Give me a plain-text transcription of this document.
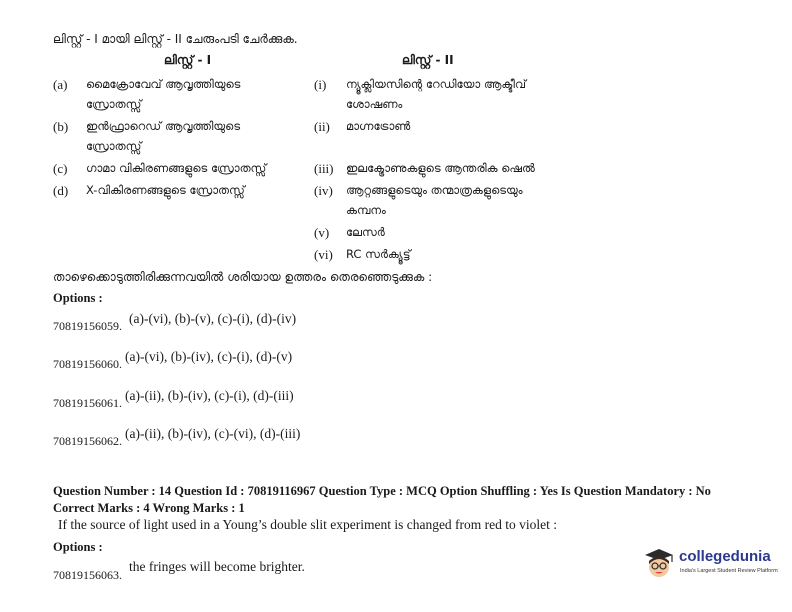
ലിസ്റ്റ് - I മായി ലിസ്റ്റ് - II ചേരുംപടി ചേർക്കുക.
ലിസ്റ്റ് - I	ലിസ്റ്റ് - II
(a) മൈക്രോവേവ് ആവൃത്തിയുടെ
സ്രോതസ്സ്
(b) ഇൻഫ്രാറെഡ് ആവൃത്തിയുടെ
സ്രോതസ്സ്
(c) ഗാമാ വികിരണങ്ങളുടെ സ്രോതസ്സ്
(d) X-വികിരണങ്ങളുടെ സ്രോതസ്സ്
(i) ന്യൂക്ലിയസിന്റെ റേഡിയോ ആക്ടീവ്
ശോഷണം
(ii) മാഗ്നട്രോൺ
(iii) ഇലക്ട്രോണുകളുടെ ആന്തരിക ഷെൽ
(iv) ആറ്റങ്ങളുടെയും തന്മാത്രകളുടെയും
കമ്പനം
(v) ലേസർ
(vi) RC സർക്യൂട്ട്
താഴെക്കൊടുത്തിരിക്കുന്നവയിൽ ശരിയായ ഉത്തരം തെരഞ്ഞെടുക്കുക :
Options :
70819156059. (a)-(vi), (b)-(v), (c)-(i), (d)-(iv)
70819156060. (a)-(vi), (b)-(iv), (c)-(i), (d)-(v)
70819156061. (a)-(ii), (b)-(iv), (c)-(i), (d)-(iii)
70819156062. (a)-(ii), (b)-(iv), (c)-(vi), (d)-(iii)
Question Number : 14 Question Id : 70819116967 Question Type : MCQ Option Shuffling : Yes Is Question Mandatory : No
Correct Marks : 4 Wrong Marks : 1
If the source of light used in a Young’s double slit experiment is changed from red to violet :
Options :
70819156063.
the fringes will become brighter.
collegedunia
India's Largest Student Review Platform
